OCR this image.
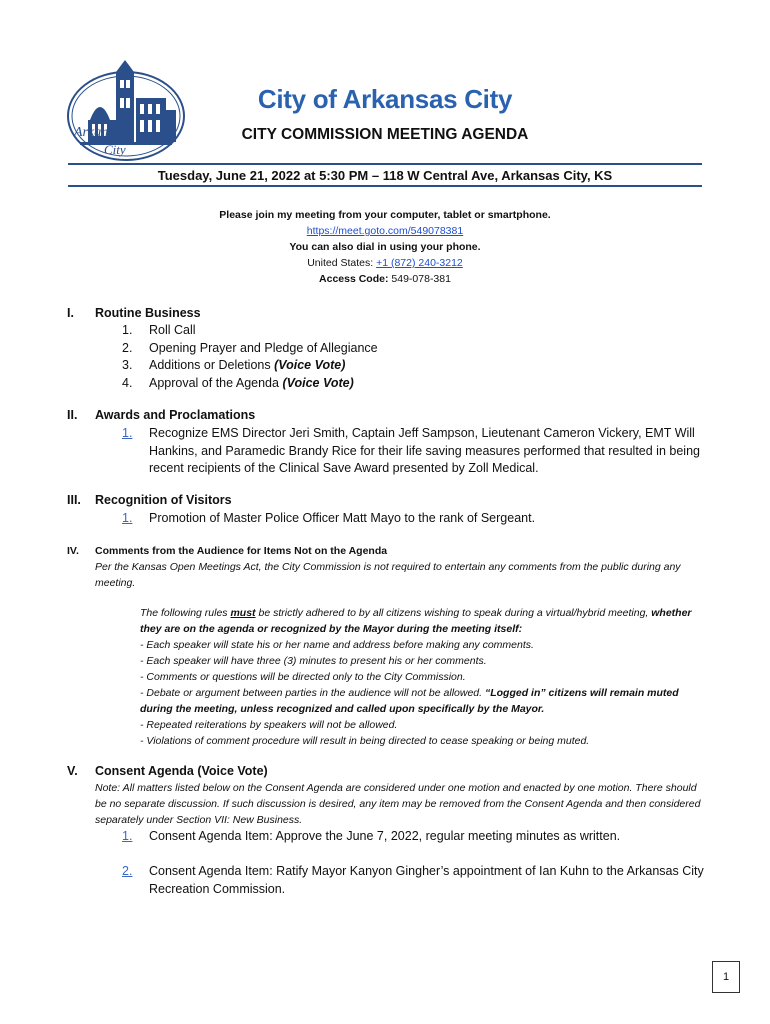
Arkansas
City
City of Arkansas City
CITY COMMISSION MEETING AGENDA
Tuesday, June 21, 2022 at 5:30 PM – 118 W Central Ave, Arkansas City, KS
Please join my meeting from your computer, tablet or smartphone.
https://meet.goto.com/549078381
You can also dial in using your phone.
United States: +1 (872) 240-3212
Access Code: 549-078-381
I. Routine Business
1. Roll Call
2. Opening Prayer and Pledge of Allegiance
3. Additions or Deletions (Voice Vote)
4. Approval of the Agenda (Voice Vote)
II. Awards and Proclamations
1. Recognize EMS Director Jeri Smith, Captain Jeff Sampson, Lieutenant Cameron Vickery, EMT Will Hankins, and Paramedic Brandy Rice for their life saving measures performed that resulted in being recent recipients of the Clinical Save Award presented by Zoll Medical.
III. Recognition of Visitors
1. Promotion of Master Police Officer Matt Mayo to the rank of Sergeant.
IV. Comments from the Audience for Items Not on the Agenda
Per the Kansas Open Meetings Act, the City Commission is not required to entertain any comments from the public during any meeting.
The following rules must be strictly adhered to by all citizens wishing to speak during a virtual/hybrid meeting, whether they are on the agenda or recognized by the Mayor during the meeting itself:
- Each speaker will state his or her name and address before making any comments.
- Each speaker will have three (3) minutes to present his or her comments.
- Comments or questions will be directed only to the City Commission.
- Debate or argument between parties in the audience will not be allowed. “Logged in” citizens will remain muted during the meeting, unless recognized and called upon specifically by the Mayor.
- Repeated reiterations by speakers will not be allowed.
- Violations of comment procedure will result in being directed to cease speaking or being muted.
V. Consent Agenda (Voice Vote)
Note: All matters listed below on the Consent Agenda are considered under one motion and enacted by one motion. There should be no separate discussion. If such discussion is desired, any item may be removed from the Consent Agenda and then considered separately under Section VII: New Business.
1. Consent Agenda Item: Approve the June 7, 2022, regular meeting minutes as written.
2. Consent Agenda Item: Ratify Mayor Kanyon Gingher’s appointment of Ian Kuhn to the Arkansas City Recreation Commission.
1
